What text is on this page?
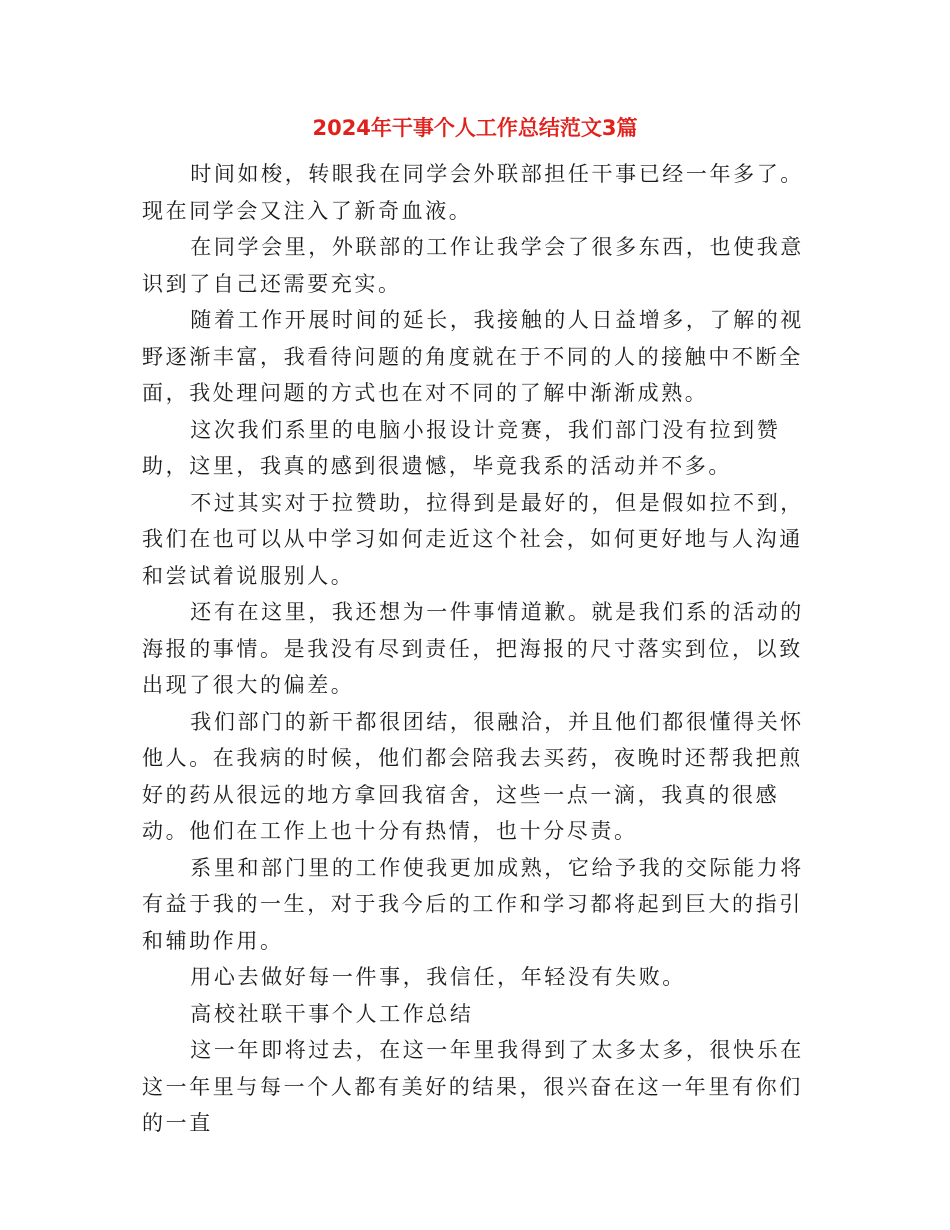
2024年干事个人工作总结范文3篇

时间如梭，转眼我在同学会外联部担任干事已经一年多了。现在同学会又注入了新奇血液。

在同学会里，外联部的工作让我学会了很多东西，也使我意识到了自己还需要充实。

随着工作开展时间的延长，我接触的人日益增多，了解的视野逐渐丰富，我看待问题的角度就在于不同的人的接触中不断全面，我处理问题的方式也在对不同的了解中渐渐成熟。

这次我们系里的电脑小报设计竞赛，我们部门没有拉到赞助，这里，我真的感到很遗憾，毕竟我系的活动并不多。

不过其实对于拉赞助，拉得到是最好的，但是假如拉不到，我们在也可以从中学习如何走近这个社会，如何更好地与人沟通和尝试着说服别人。

还有在这里，我还想为一件事情道歉。就是我们系的活动的海报的事情。是我没有尽到责任，把海报的尺寸落实到位，以致出现了很大的偏差。

我们部门的新干都很团结，很融洽，并且他们都很懂得关怀他人。在我病的时候，他们都会陪我去买药，夜晚时还帮我把煎好的药从很远的地方拿回我宿舍，这些一点一滴，我真的很感动。他们在工作上也十分有热情，也十分尽责。

系里和部门里的工作使我更加成熟，它给予我的交际能力将有益于我的一生，对于我今后的工作和学习都将起到巨大的指引和辅助作用。

用心去做好每一件事，我信任，年轻没有失败。

高校社联干事个人工作总结

这一年即将过去，在这一年里我得到了太多太多，很快乐在这一年里与每一个人都有美好的结果，很兴奋在这一年里有你们的一直
